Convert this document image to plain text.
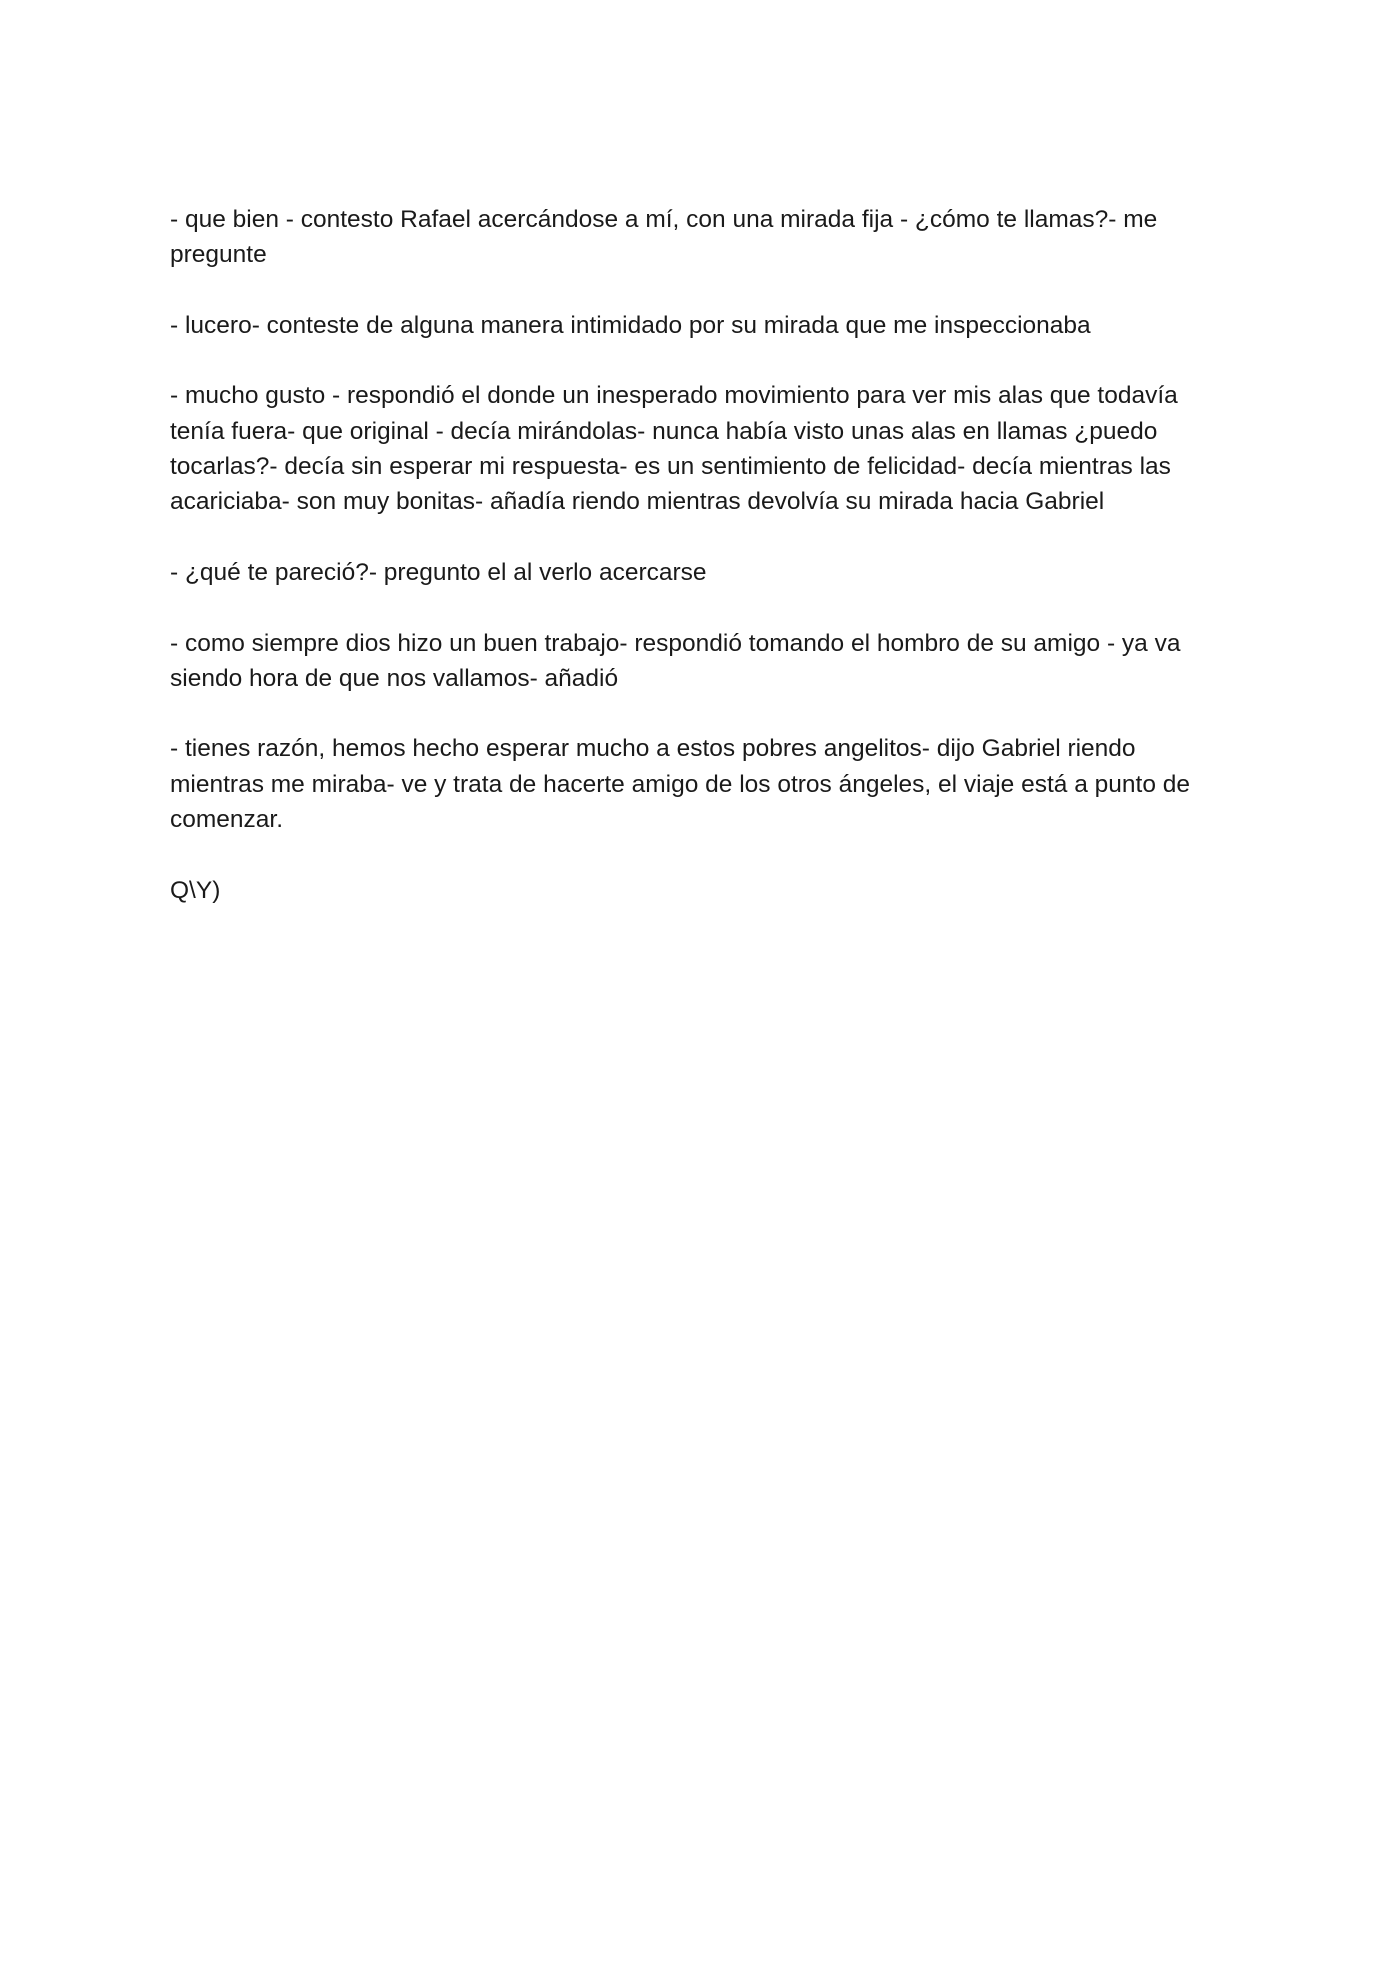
- que bien - contesto Rafael acercándose a mí, con una mirada fija - ¿cómo te llamas?- me pregunte

- lucero- conteste de alguna manera intimidado por su mirada que me inspeccionaba

- mucho gusto - respondió el donde un inesperado movimiento para ver mis alas que todavía tenía fuera- que original - decía mirándolas- nunca había visto unas alas en llamas ¿puedo tocarlas?- decía sin esperar mi respuesta- es un sentimiento de felicidad- decía mientras las acariciaba- son muy bonitas- añadía riendo mientras devolvía su mirada hacia Gabriel

- ¿qué te pareció?- pregunto el al verlo acercarse

- como siempre dios hizo un buen trabajo- respondió tomando el hombro de su amigo - ya va siendo hora de que nos vallamos- añadió

- tienes razón, hemos hecho esperar mucho a estos pobres angelitos- dijo Gabriel riendo mientras me miraba- ve y trata de hacerte amigo de los otros ángeles, el viaje está a punto de comenzar.

Q\Y)
